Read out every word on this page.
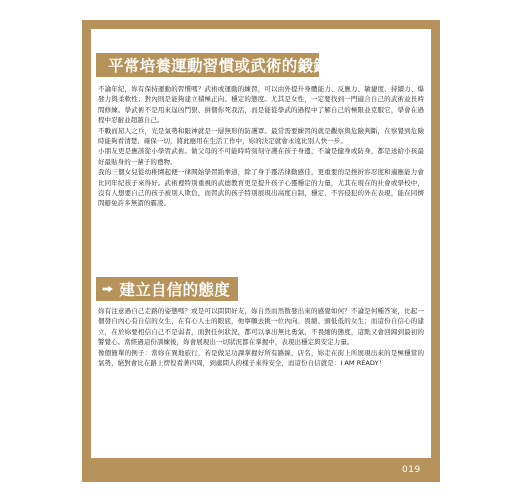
平常培養運動習慣或武術的鍛鍊

不論年紀，妳有保持運動的習慣嗎？武術或運動的練習，可以由外提升身體能力、反應力、敏捷度、持續力、爆發力與柔軟性；對內則是能夠建立積極正向、穩定的態度。尤其是女性，一定要找到一門適合自己的武術並長時間修練。學武術不是用來逞凶鬥狠、拼個你死我活，而是能從學武的過程中了解自己的極限並克服它，學會在過程中忍耐並超越自己。

不戰而屈人之兵，光是氣勢和眼神就是一層無形的防護罩。最常需要練習的就是觀察與危險判斷，在察覺到危險時能夠看清楚、確保一切，將此應用在生活工作中，妳的決定就會永遠比別人快一步。

小朋友更是應該從小學習武術。做父母的不可能時時刻刻守護在孩子身邊，不論是健身或防身，都是送給小孩最好最貼身的一輩子的禮物。

我的三個女兒從幼稚園起便一律開始學習跆拳道，除了身手靈活律動感佳，更重要的是挫折容忍度和適應能力會比同年紀孩子來得好。武術裡特別重視的武德教育更是提升孩子心靈穩定的力量，尤其在現在的社會或學校中，沒有人想要自己的孩子被別人欺負，而習武的孩子特別展現出高度自制、穩定、不容侵犯的外在表現，能在同儕間避免許多無謂的霸凌。

建立自信的態度

妳有注意過自己走路的姿態嗎？或是可以問問好友，妳自然而然散發出來的感覺如何？不論是何種答案，比起一個發自內心有自信的女生，在有心人士的眼底，他寧願去挑一位內向、畏縮、頭低低的女生；而這份自信心的建立，在於妳要相信自己不是弱者，面對任何狀況，都可以拿出無比勇氣、不畏縮的態度，這點又會回歸到最初的警覺心。當經過這份訓練後，妳會展現出一切狀況都在掌握中，表現出穩定與安定力量。

像個簡單的例子：當妳在異地旅行，若是做足功課掌握好所有路線，店名，妳走在街上所展現出來的是極穩當的氣勢，絕對會比在路上徬徨看著四周，到處問人的樣子來得安全，而這份自信就是：I AM READY！

019
